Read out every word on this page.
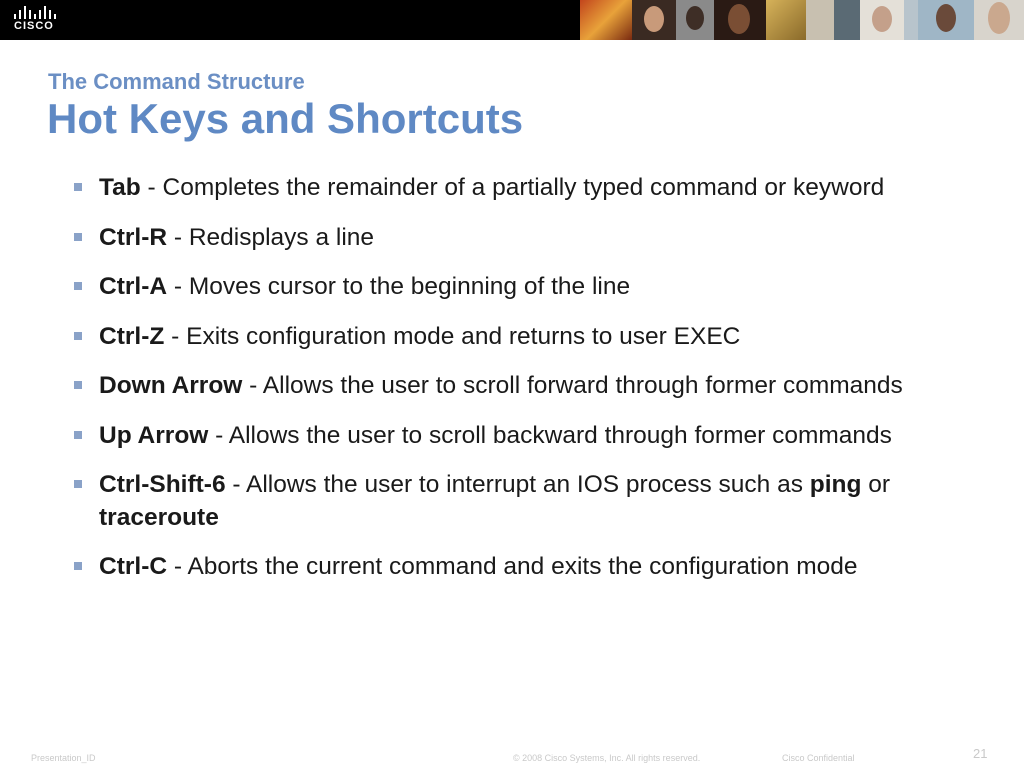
CISCO
The Command Structure
Hot Keys and Shortcuts
Tab - Completes the remainder of a partially typed command or keyword
Ctrl-R - Redisplays a line
Ctrl-A - Moves cursor to the beginning of the line
Ctrl-Z - Exits configuration mode and returns to user EXEC
Down Arrow - Allows the user to scroll forward through former commands
Up Arrow - Allows the user to scroll backward through former commands
Ctrl-Shift-6 - Allows the user to interrupt an IOS process such as ping or traceroute
Ctrl-C - Aborts the current command and exits the configuration mode
Presentation_ID	© 2008 Cisco Systems, Inc. All rights reserved.	Cisco Confidential	21
